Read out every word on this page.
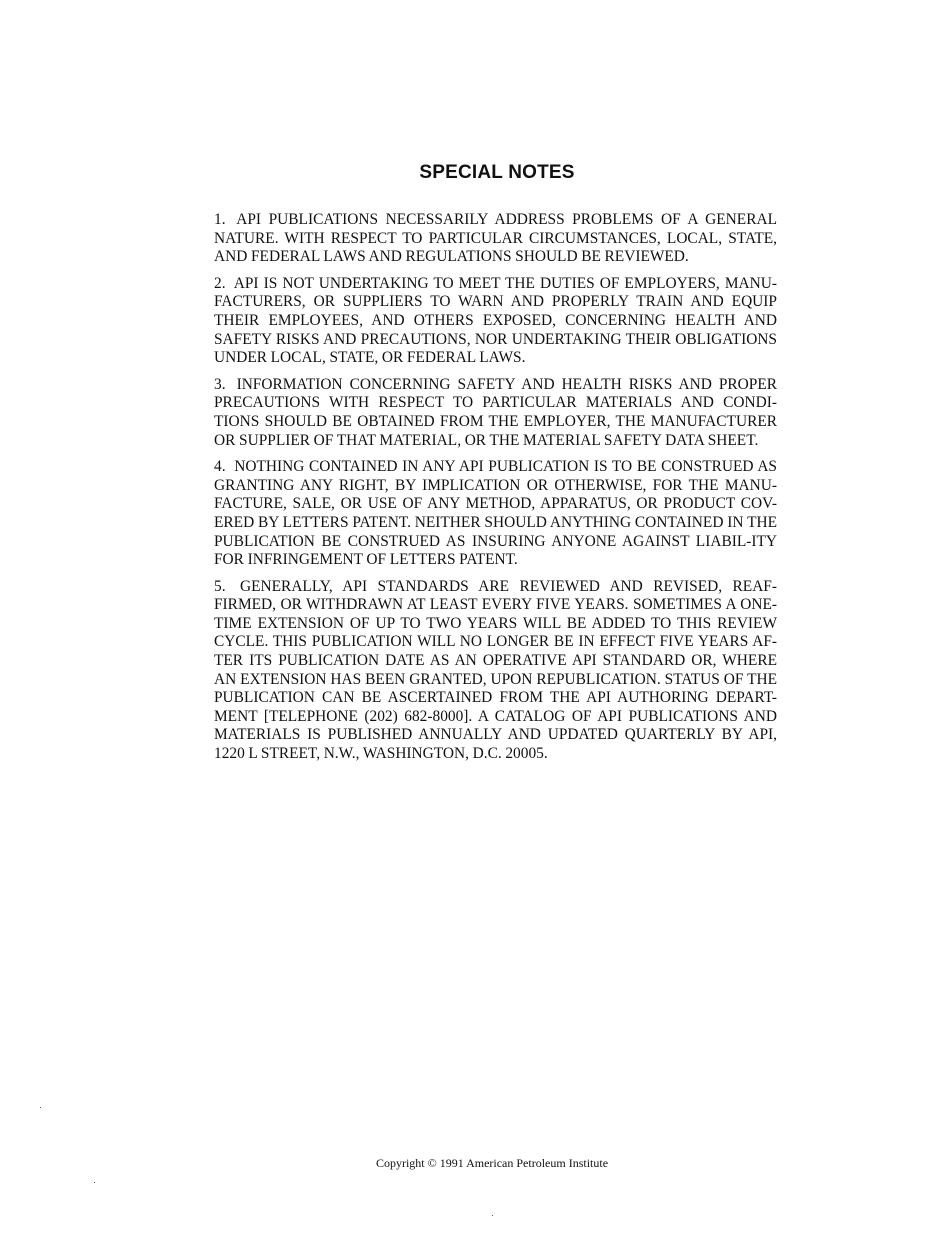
SPECIAL NOTES
1. API PUBLICATIONS NECESSARILY ADDRESS PROBLEMS OF A GENERAL NATURE. WITH RESPECT TO PARTICULAR CIRCUMSTANCES, LOCAL, STATE, AND FEDERAL LAWS AND REGULATIONS SHOULD BE REVIEWED.
2. API IS NOT UNDERTAKING TO MEET THE DUTIES OF EMPLOYERS, MANU-FACTURERS, OR SUPPLIERS TO WARN AND PROPERLY TRAIN AND EQUIP THEIR EMPLOYEES, AND OTHERS EXPOSED, CONCERNING HEALTH AND SAFETY RISKS AND PRECAUTIONS, NOR UNDERTAKING THEIR OBLIGATIONS UNDER LOCAL, STATE, OR FEDERAL LAWS.
3. INFORMATION CONCERNING SAFETY AND HEALTH RISKS AND PROPER PRECAUTIONS WITH RESPECT TO PARTICULAR MATERIALS AND CONDI-TIONS SHOULD BE OBTAINED FROM THE EMPLOYER, THE MANUFACTURER OR SUPPLIER OF THAT MATERIAL, OR THE MATERIAL SAFETY DATA SHEET.
4. NOTHING CONTAINED IN ANY API PUBLICATION IS TO BE CONSTRUED AS GRANTING ANY RIGHT, BY IMPLICATION OR OTHERWISE, FOR THE MANU-FACTURE, SALE, OR USE OF ANY METHOD, APPARATUS, OR PRODUCT COV-ERED BY LETTERS PATENT. NEITHER SHOULD ANYTHING CONTAINED IN THE PUBLICATION BE CONSTRUED AS INSURING ANYONE AGAINST LIABIL-ITY FOR INFRINGEMENT OF LETTERS PATENT.
5. GENERALLY, API STANDARDS ARE REVIEWED AND REVISED, REAF-FIRMED, OR WITHDRAWN AT LEAST EVERY FIVE YEARS. SOMETIMES A ONE-TIME EXTENSION OF UP TO TWO YEARS WILL BE ADDED TO THIS REVIEW CYCLE. THIS PUBLICATION WILL NO LONGER BE IN EFFECT FIVE YEARS AF-TER ITS PUBLICATION DATE AS AN OPERATIVE API STANDARD OR, WHERE AN EXTENSION HAS BEEN GRANTED, UPON REPUBLICATION. STATUS OF THE PUBLICATION CAN BE ASCERTAINED FROM THE API AUTHORING DEPART-MENT [TELEPHONE (202) 682-8000]. A CATALOG OF API PUBLICATIONS AND MATERIALS IS PUBLISHED ANNUALLY AND UPDATED QUARTERLY BY API, 1220 L STREET, N.W., WASHINGTON, D.C. 20005.

Copyright © 1991 American Petroleum Institute
